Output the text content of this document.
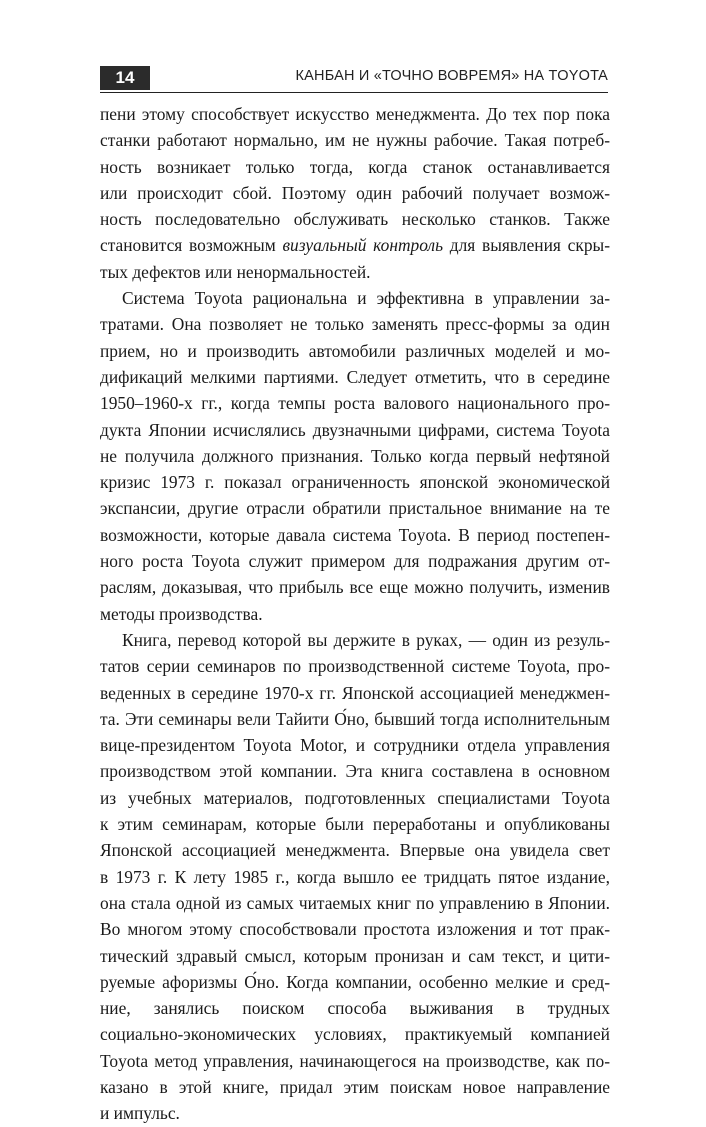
14	КАНБАН И «ТОЧНО ВОВРЕМЯ» НА TOYOTA
пени этому способствует искусство менеджмента. До тех пор пока
станки работают нормально, им не нужны рабочие. Такая потреб-
ность возникает только тогда, когда станок останавливается
или происходит сбой. Поэтому один рабочий получает возмож-
ность последовательно обслуживать несколько станков. Также
становится возможным визуальный контроль для выявления скры-
тых дефектов или ненормальностей.
Система Toyota рациональна и эффективна в управлении за-
тратами. Она позволяет не только заменять пресс-формы за один
прием, но и производить автомобили различных моделей и мо-
дификаций мелкими партиями. Следует отметить, что в середине
1950–1960-х гг., когда темпы роста валового национального про-
дукта Японии исчислялись двузначными цифрами, система Toyota
не получила должного признания. Только когда первый нефтяной
кризис 1973 г. показал ограниченность японской экономической
экспансии, другие отрасли обратили пристальное внимание на те
возможности, которые давала система Toyota. В период постепен-
ного роста Toyota служит примером для подражания другим от-
раслям, доказывая, что прибыль все еще можно получить, изменив
методы производства.
Книга, перевод которой вы держите в руках, — один из резуль-
татов серии семинаров по производственной системе Toyota, про-
веденных в середине 1970-х гг. Японской ассоциацией менеджмен-
та. Эти семинары вели Тайити О́но, бывший тогда исполнительным
вице-президентом Toyota Motor, и сотрудники отдела управления
производством этой компании. Эта книга составлена в основном
из учебных материалов, подготовленных специалистами Toyota
к этим семинарам, которые были переработаны и опубликованы
Японской ассоциацией менеджмента. Впервые она увидела свет
в 1973 г. К лету 1985 г., когда вышло ее тридцать пятое издание,
она стала одной из самых читаемых книг по управлению в Японии.
Во многом этому способствовали простота изложения и тот прак-
тический здравый смысл, которым пронизан и сам текст, и цити-
руемые афоризмы О́но. Когда компании, особенно мелкие и сред-
ние, занялись поиском способа выживания в трудных
социально-экономических условиях, практикуемый компанией
Toyota метод управления, начинающегося на производстве, как по-
казано в этой книге, придал этим поискам новое направление
и импульс.
